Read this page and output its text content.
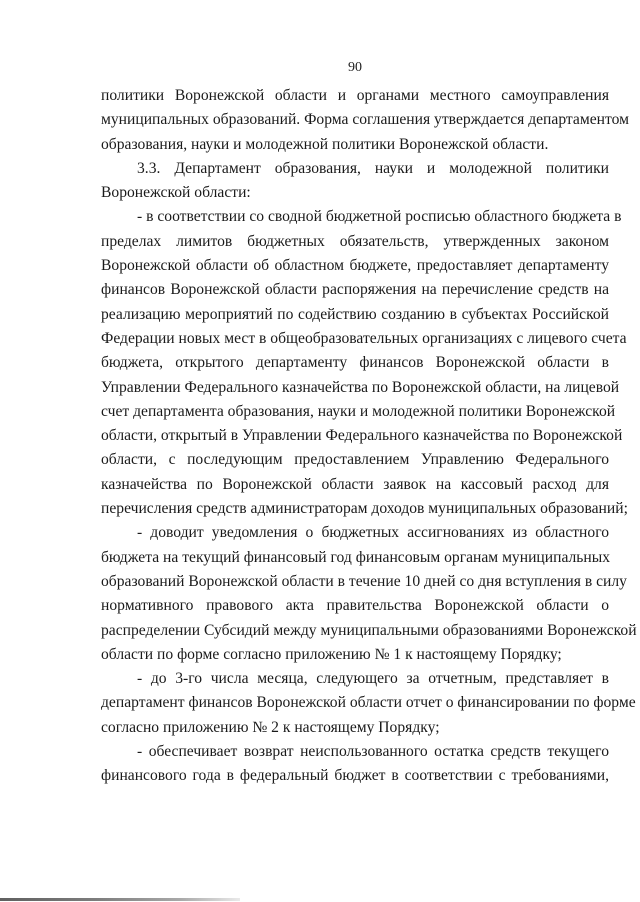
90
политики Воронежской области и органами местного самоуправления
муниципальных образований. Форма соглашения утверждается департаментом
образования, науки и молодежной политики Воронежской области.
3.3. Департамент образования, науки и молодежной политики
Воронежской области:
- в соответствии со сводной бюджетной росписью областного бюджета в
пределах лимитов бюджетных обязательств, утвержденных законом
Воронежской области об областном бюджете, предоставляет департаменту
финансов Воронежской области распоряжения на перечисление средств на
реализацию мероприятий по содействию созданию в субъектах Российской
Федерации новых мест в общеобразовательных организациях с лицевого счета
бюджета, открытого департаменту финансов Воронежской области в
Управлении Федерального казначейства по Воронежской области, на лицевой
счет департамента образования, науки и молодежной политики Воронежской
области, открытый в Управлении Федерального казначейства по Воронежской
области, с последующим предоставлением Управлению Федерального
казначейства по Воронежской области заявок на кассовый расход для
перечисления средств администраторам доходов муниципальных образований;
- доводит уведомления о бюджетных ассигнованиях из областного
бюджета на текущий финансовый год финансовым органам муниципальных
образований Воронежской области в течение 10 дней со дня вступления в силу
нормативного правового акта правительства Воронежской области о
распределении Субсидий между муниципальными образованиями Воронежской
области по форме согласно приложению № 1 к настоящему Порядку;
- до 3-го числа месяца, следующего за отчетным, представляет в
департамент финансов Воронежской области отчет о финансировании по форме
согласно приложению № 2 к настоящему Порядку;
- обеспечивает возврат неиспользованного остатка средств текущего
финансового года в федеральный бюджет в соответствии с требованиями,
